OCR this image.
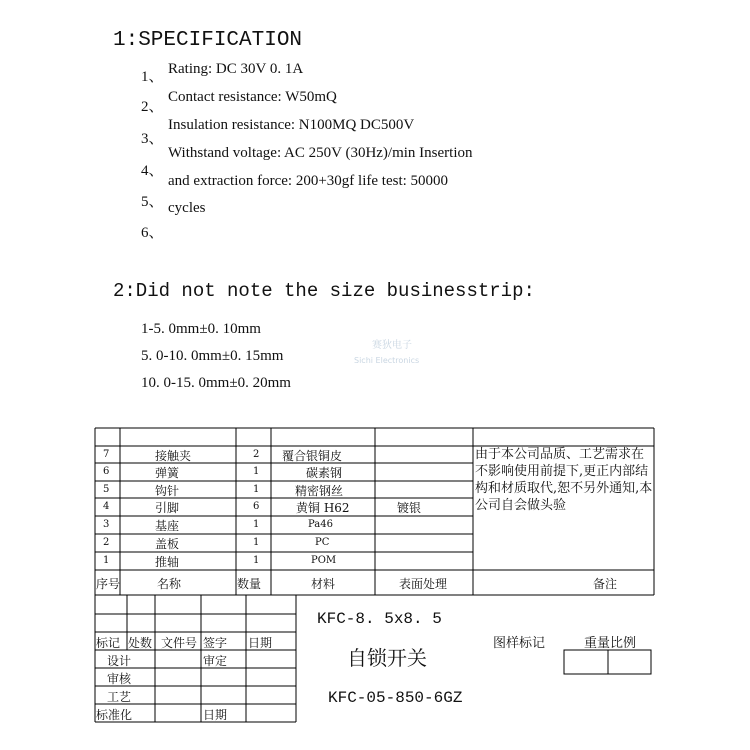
1:SPECIFICATION
1、
2、
3、
4、
5、
6、
Rating: DC 30V 0. 1A
Contact resistance: W50mQ
Insulation resistance: N100MQ DC500V
Withstand voltage: AC 250V (30Hz)/min Insertion
and extraction force: 200+30gf life test: 50000
cycles
2:Did not note the size businesstrip:
1-5. 0mm±0. 10mm
5. 0-10. 0mm±0. 15mm
10. 0-15. 0mm±0. 20mm
赛狄电子
Sichi Electronics
7	接触夹	2 覆合银铜皮
6	弹簧	1	碳素钢
5	钩针	1	精密钢丝
4	引脚	6	黄铜 H62	镀银
3	基座	1	Pa46
2	盖板	1	PC
1	推轴	1	POM
序号	名称	数量	材料	表面处理	备注
由于本公司品质、工艺需求在不影响使用前提下,更正内部结构和材质取代,恕不另外通知,本 公司自会做头验
标记 处数 文件号 签字 日期
设计	审定
审核
工艺
标准化	日期
KFC-8. 5x8. 5
自锁开关
KFC-05-850-6GZ
图样标记	重量比例
